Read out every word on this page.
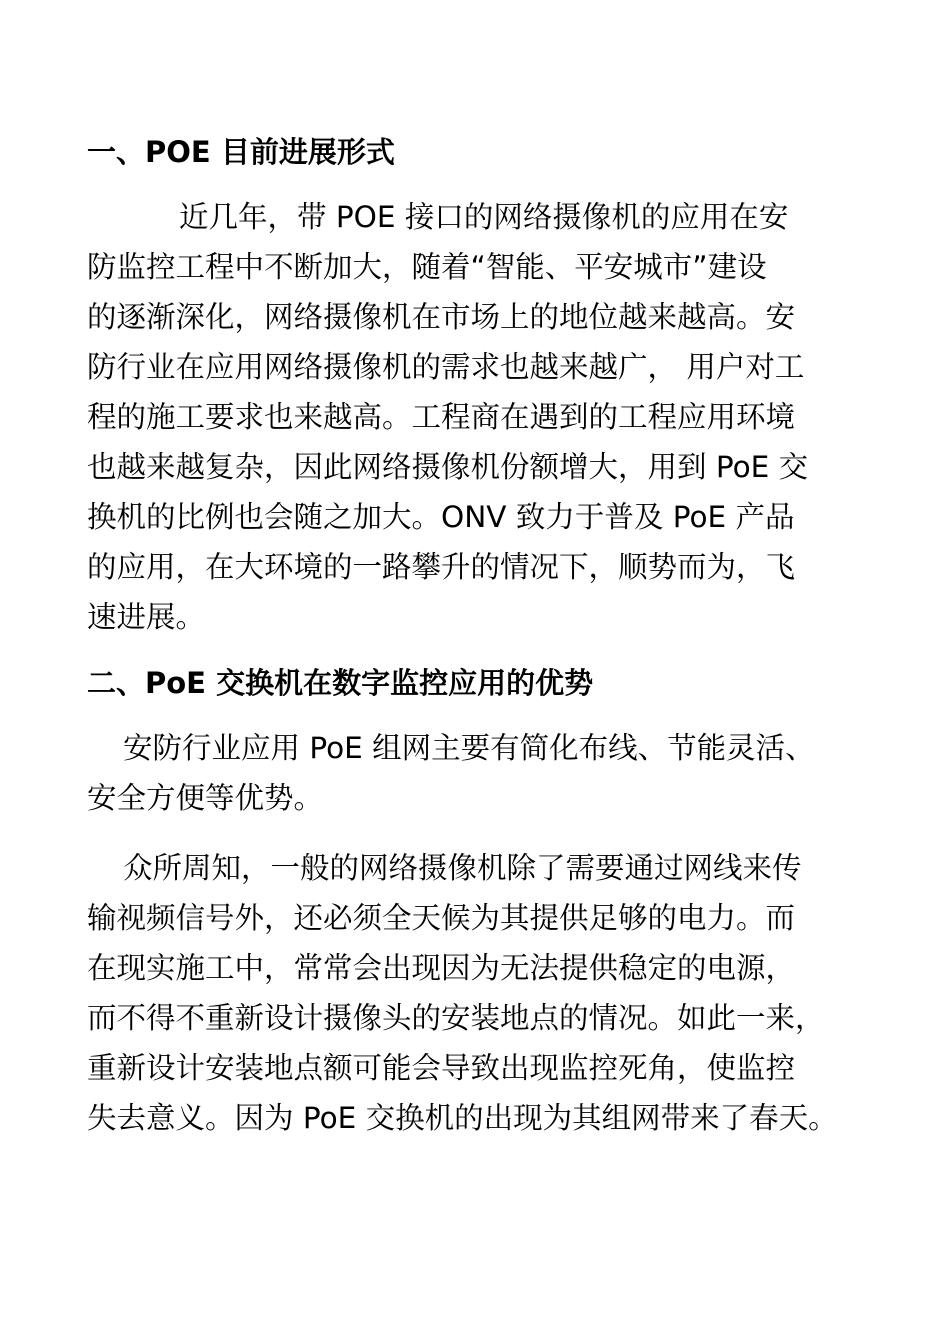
一、POE 目前进展形式

近几年，带 POE 接口的网络摄像机的应用在安

防监控工程中不断加大，随着“智能、平安城市”建设

的逐渐深化，网络摄像机在市场上的地位越来越高。安

防行业在应用网络摄像机的需求也越来越广， 用户对工

程的施工要求也来越高。工程商在遇到的工程应用环境

也越来越复杂，因此网络摄像机份额增大，用到 PoE 交

换机的比例也会随之加大。ONV 致力于普及 PoE 产品

的应用，在大环境的一路攀升的情况下，顺势而为，飞

速进展。

二、PoE 交换机在数字监控应用的优势

安防行业应用 PoE 组网主要有简化布线、节能灵活、

安全方便等优势。

众所周知，一般的网络摄像机除了需要通过网线来传

输视频信号外，还必须全天候为其提供足够的电力。而

在现实施工中，常常会出现因为无法提供稳定的电源，

而不得不重新设计摄像头的安装地点的情况。如此一来，

重新设计安装地点额可能会导致出现监控死角，使监控

失去意义。因为 PoE 交换机的出现为其组网带来了春天。
